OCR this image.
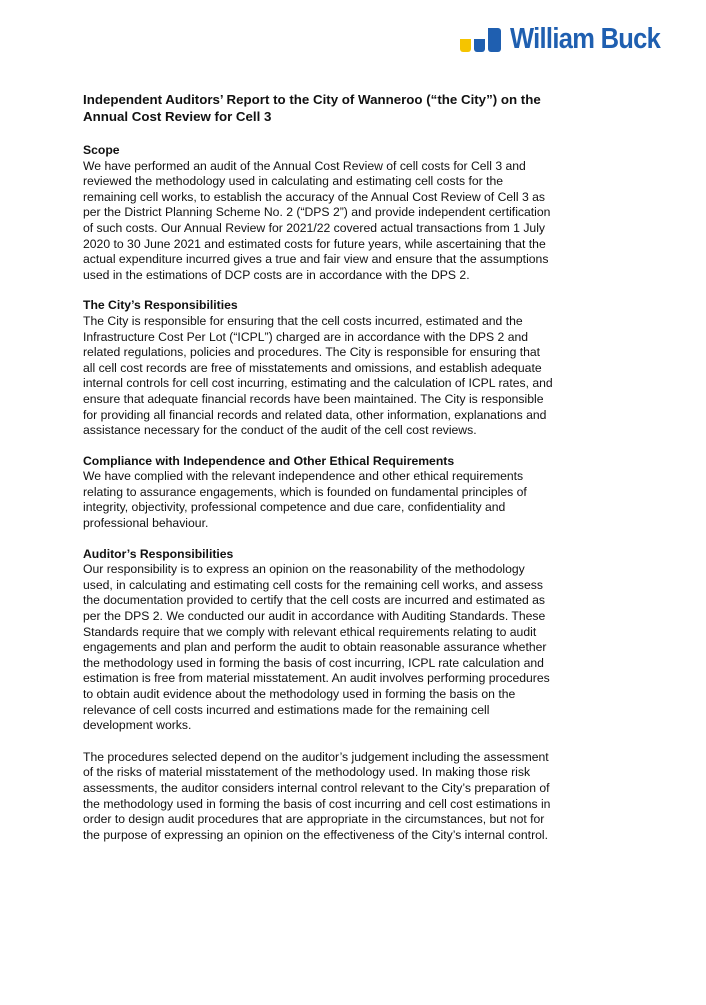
William Buck

Independent Auditors’ Report to the City of Wanneroo (“the City”) on the Annual Cost Review for Cell 3

Scope

We have performed an audit of the Annual Cost Review of cell costs for Cell 3 and reviewed the methodology used in calculating and estimating cell costs for the remaining cell works, to establish the accuracy of the Annual Cost Review of Cell 3 as per the District Planning Scheme No. 2 (“DPS 2”) and provide independent certification of such costs. Our Annual Review for 2021/22 covered actual transactions from 1 July 2020 to 30 June 2021 and estimated costs for future years, while ascertaining that the actual expenditure incurred gives a true and fair view and ensure that the assumptions used in the estimations of DCP costs are in accordance with the DPS 2.

The City’s Responsibilities

The City is responsible for ensuring that the cell costs incurred, estimated and the Infrastructure Cost Per Lot (“ICPL”) charged are in accordance with the DPS 2 and related regulations, policies and procedures. The City is responsible for ensuring that all cell cost records are free of misstatements and omissions, and establish adequate internal controls for cell cost incurring, estimating and the calculation of ICPL rates, and ensure that adequate financial records have been maintained. The City is responsible for providing all financial records and related data, other information, explanations and assistance necessary for the conduct of the audit of the cell cost reviews.

Compliance with Independence and Other Ethical Requirements

We have complied with the relevant independence and other ethical requirements relating to assurance engagements, which is founded on fundamental principles of integrity, objectivity, professional competence and due care, confidentiality and professional behaviour.

Auditor’s Responsibilities

Our responsibility is to express an opinion on the reasonability of the methodology used, in calculating and estimating cell costs for the remaining cell works, and assess the documentation provided to certify that the cell costs are incurred and estimated as per the DPS 2. We conducted our audit in accordance with Auditing Standards. These Standards require that we comply with relevant ethical requirements relating to audit engagements and plan and perform the audit to obtain reasonable assurance whether the methodology used in forming the basis of cost incurring, ICPL rate calculation and estimation is free from material misstatement. An audit involves performing procedures to obtain audit evidence about the methodology used in forming the basis on the relevance of cell costs incurred and estimations made for the remaining cell development works.

The procedures selected depend on the auditor’s judgement including the assessment of the risks of material misstatement of the methodology used. In making those risk assessments, the auditor considers internal control relevant to the City’s preparation of the methodology used in forming the basis of cost incurring and cell cost estimations in order to design audit procedures that are appropriate in the circumstances, but not for the purpose of expressing an opinion on the effectiveness of the City’s internal control.
